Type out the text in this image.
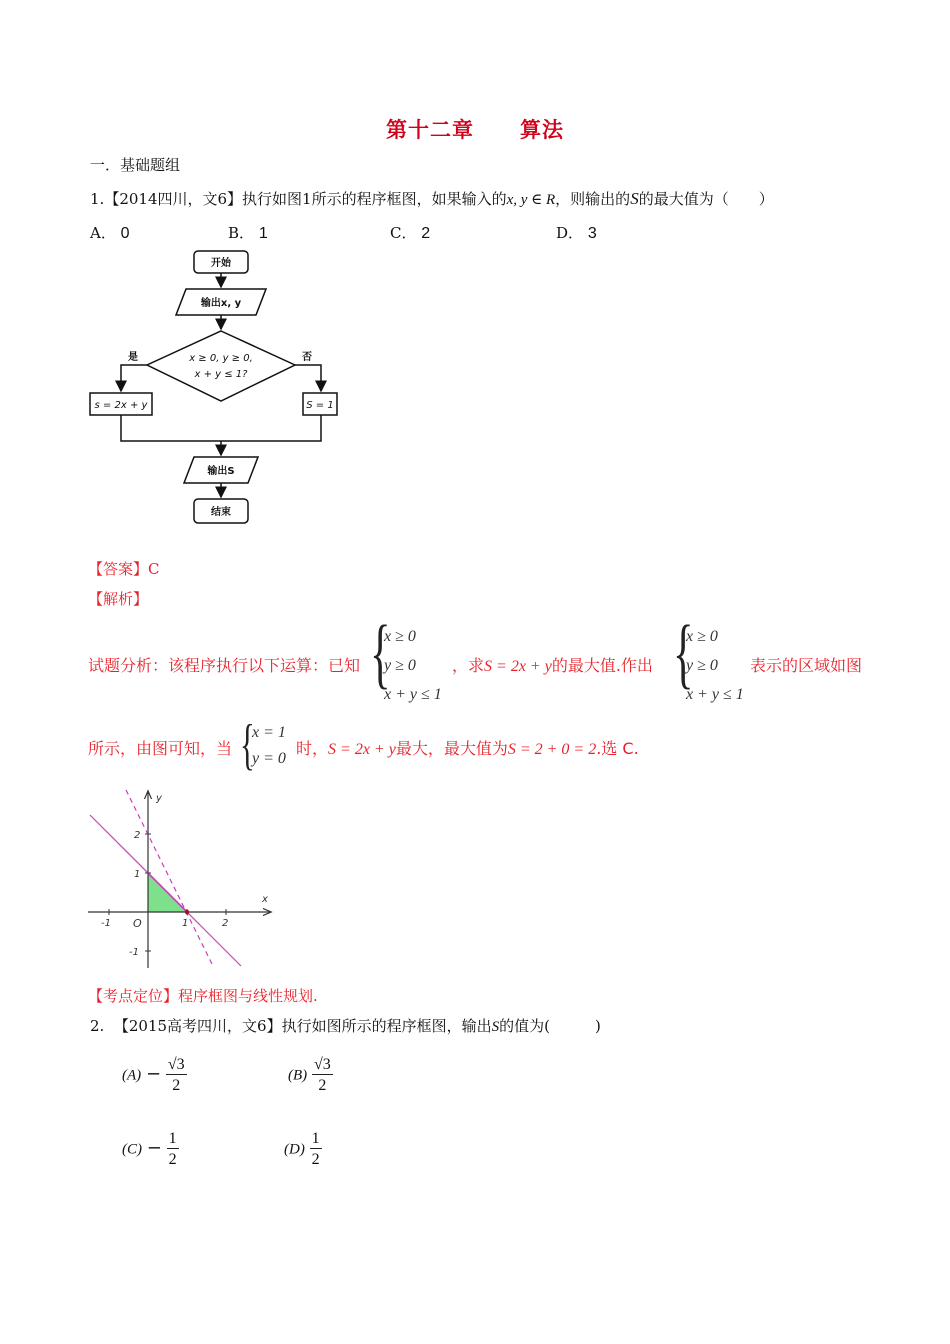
第十二章 算法
一．基础题组
1.【2014四川，文6】执行如图1所示的程序框图，如果输入的x, y ∈ R，则输出的S的最大值为（　　）
A． 0	B． 1	C． 2	D． 3
开始
输出x, y
x ≥ 0, y ≥ 0,
x + y ≤ 1?
是	否
s = 2x + y	S = 1
输出S
结束
【答案】C
【解析】
试题分析：该程序执行以下运算：已知 {
x ≥ 0
y ≥ 0
x + y ≤ 1
，求S = 2x + y的最大值.作出 {
x ≥ 0
y ≥ 0
x + y ≤ 1
表示的区域如图
所示，由图可知，当 {
x = 1
y = 0
时，S = 2x + y最大，最大值为S = 2 + 0 = 2.选 C.
x
y
O
-1	1	2
2
1
-1
【考点定位】程序框图与线性规划.
2. 【2015高考四川，文6】执行如图所示的程序框图，输出S的值为(　　　)
$(A) - \frac{√3}{2}$	$(B) \frac{√3}{2}$
$(C) - \frac{1}{2}$	$(D) \frac{1}{2}$
